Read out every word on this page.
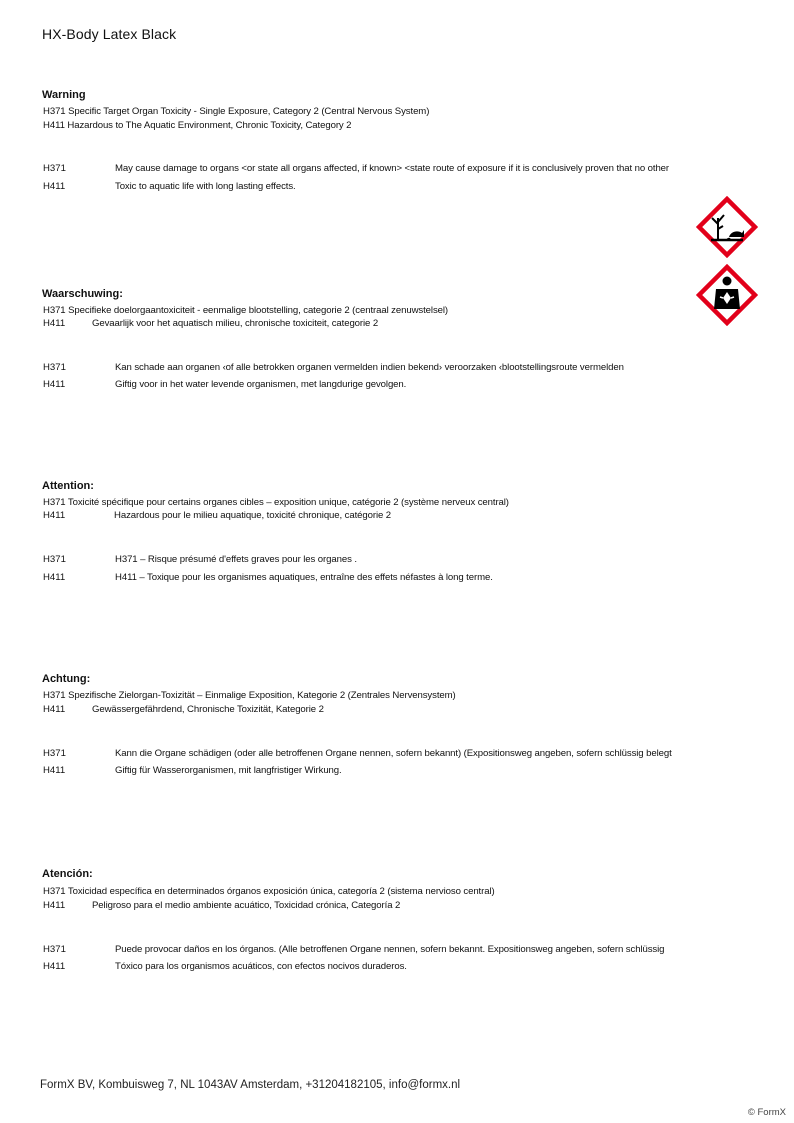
HX-Body Latex Black
Warning
H371 Specific Target Organ Toxicity - Single Exposure, Category 2 (Central Nervous System)
H411 Hazardous to The Aquatic Environment, Chronic Toxicity, Category 2
H371	May cause damage to organs <or state all organs affected, if known> <state route of exposure if it is conclusively proven that no other
H411	Toxic to aquatic life with long lasting effects.
Waarschuwing:
H371 Specifieke doelorgaantoxiciteit - eenmalige blootstelling, categorie 2 (centraal zenuwstelsel)
H411	Gevaarlijk voor het aquatisch milieu, chronische toxiciteit, categorie 2
H371	Kan schade aan organen ‹of alle betrokken organen vermelden indien bekend› veroorzaken ‹blootstellingsroute vermelden
H411	Giftig voor in het water levende organismen, met langdurige gevolgen.
Attention:
H371 Toxicité spécifique pour certains organes cibles – exposition unique, catégorie 2 (système nerveux central)
H411	Hazardous pour le milieu aquatique, toxicité chronique, catégorie 2
H371	H371 – Risque présumé d'effets graves pour les organes .
H411	H411 – Toxique pour les organismes aquatiques, entraîne des effets néfastes à long terme.
Achtung:
H371 Spezifische Zielorgan-Toxizität – Einmalige Exposition, Kategorie 2 (Zentrales Nervensystem)
H411	Gewässergefährdend, Chronische Toxizität, Kategorie 2
H371	Kann die Organe schädigen (oder alle betroffenen Organe nennen, sofern bekannt) (Expositionsweg angeben, sofern schlüssig belegt
H411	Giftig für Wasserorganismen, mit langfristiger Wirkung.
Atención:
H371 Toxicidad específica en determinados órganos exposición única, categoría 2 (sistema nervioso central)
H411	Peligroso para el medio ambiente acuático, Toxicidad crónica, Categoría 2
H371	Puede provocar daños en los órganos. (Alle betroffenen Organe nennen, sofern bekannt. Expositionsweg angeben, sofern schlüssig
H411	Tóxico para los organismos acuáticos, con efectos nocivos duraderos.
FormX BV, Kombuisweg 7, NL 1043AV Amsterdam, +31204182105, info@formx.nl
© FormX
